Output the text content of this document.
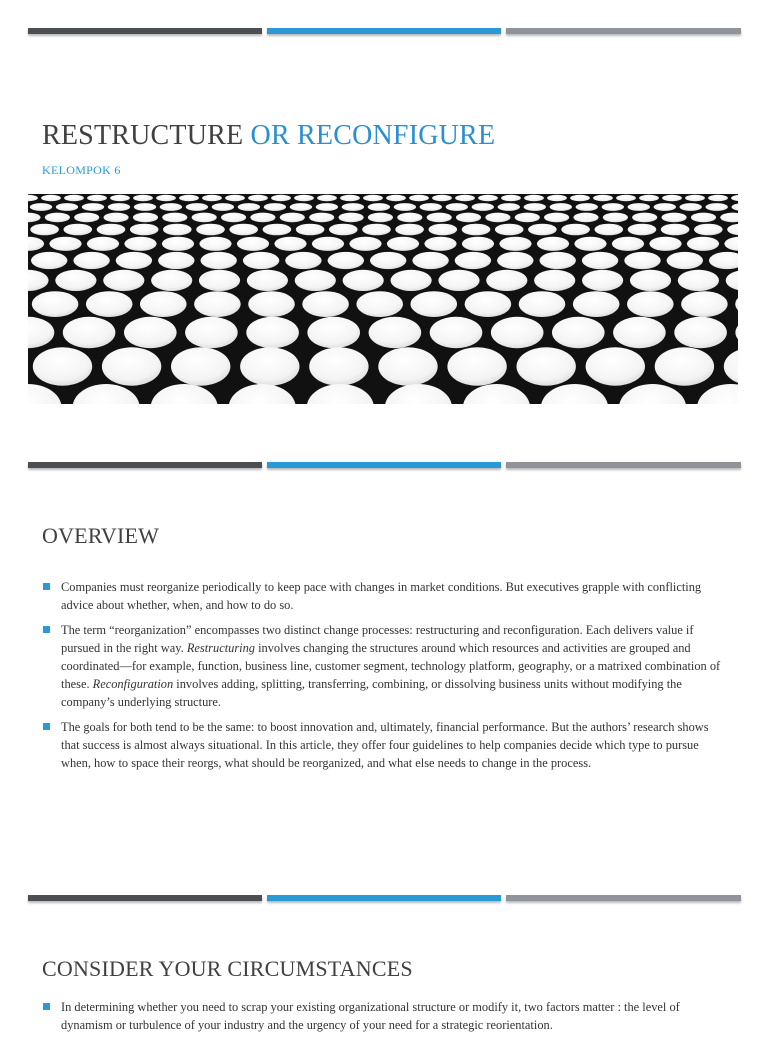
RESTRUCTURE OR RECONFIGURE
KELOMPOK 6
OVERVIEW
Companies must reorganize periodically to keep pace with changes in market conditions. But executives grapple with conflicting advice about whether, when, and how to do so.
The term “reorganization” encompasses two distinct change processes: restructuring and reconfiguration. Each delivers value if pursued in the right way. Restructuring involves changing the structures around which resources and activities are grouped and coordinated—for example, function, business line, customer segment, technology platform, geography, or a matrixed combination of these. Reconfiguration involves adding, splitting, transferring, combining, or dissolving business units without modifying the company’s underlying structure.
The goals for both tend to be the same: to boost innovation and, ultimately, financial performance. But the authors’ research shows that success is almost always situational. In this article, they offer four guidelines to help companies decide which type to pursue when, how to space their reorgs, what should be reorganized, and what else needs to change in the process.
CONSIDER YOUR CIRCUMSTANCES
In determining whether you need to scrap your existing organizational structure or modify it, two factors matter : the level of dynamism or turbulence of your industry and the urgency of your need for a strategic reorientation.
